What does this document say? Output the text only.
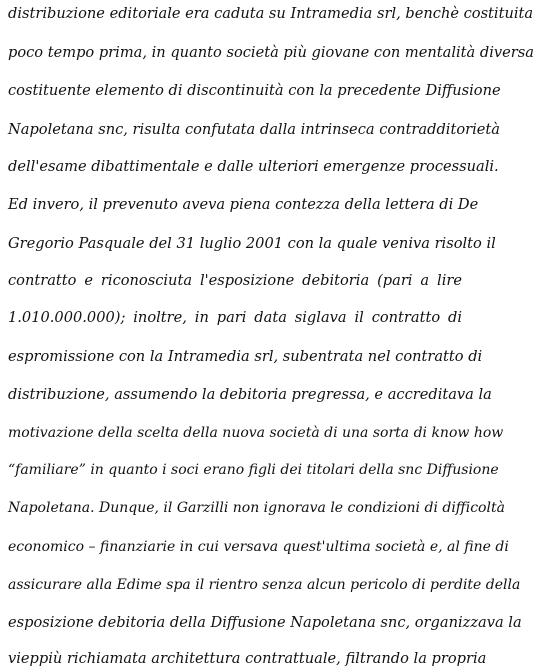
distribuzione editoriale era caduta su Intramedia srl, benchè costituita

poco tempo prima, in quanto società più giovane con mentalità diversa

costituente elemento di discontinuità con la precedente Diffusione

Napoletana snc, risulta confutata dalla intrinseca contradditorietà

dell'esame dibattimentale e dalle ulteriori emergenze processuali.

Ed invero, il prevenuto aveva piena contezza della lettera di De

Gregorio Pasquale del 31 luglio 2001 con la quale veniva risolto il

contratto e riconosciuta l'esposizione debitoria (pari a lire

1.010.000.000); inoltre, in pari data siglava il contratto di

espromissione con la Intramedia srl, subentrata nel contratto di

distribuzione, assumendo la debitoria pregressa, e accreditava la

motivazione della scelta della nuova società di una sorta di know how

“familiare” in quanto i soci erano figli dei titolari della snc Diffusione

Napoletana. Dunque, il Garzilli non ignorava le condizioni di difficoltà

economico – finanziarie in cui versava quest'ultima società e, al fine di

assicurare alla Edime spa il rientro senza alcun pericolo di perdite della

esposizione debitoria della Diffusione Napoletana snc, organizzava la

vieppiù richiamata architettura contrattuale, filtrando la propria
